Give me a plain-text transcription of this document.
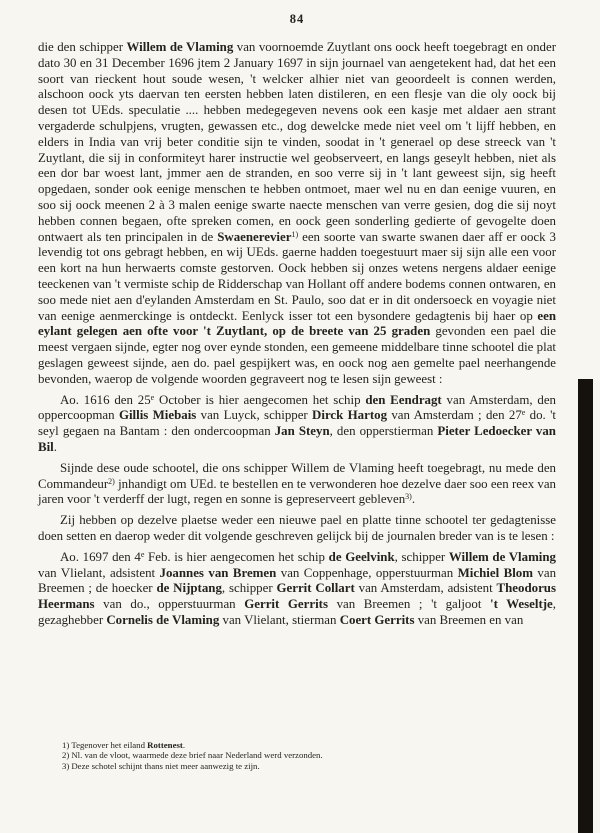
84

die den schipper Willem de Vlaming van voornoemde Zuytlant ons oock heeft toegebragt en onder dato 30 en 31 December 1696 jtem 2 January 1697 in sijn journael van aengetekent had, dat het een soort van rieckent hout soude wesen, 't welcker alhier niet van geoordeelt is connen werden, alschoon oock yts daervan ten eersten hebben laten distileren, en een flesje van die oly oock bij desen tot UEds. speculatie .... hebben medegegeven nevens ook een kasje met aldaer aen strant vergaderde schulpjens, vrugten, gewassen etc., dog dewelcke mede niet veel om 't lijff hebben, en elders in India van vrij beter conditie sijn te vinden, soodat in 't generael op dese streeck van 't Zuytlant, die sij in conformiteyt harer instructie wel geobserveert, en langs geseylt hebben, niet als een dor bar woest lant, jmmer aen de stranden, en soo verre sij in 't lant geweest sijn, sig heeft opgedaen, sonder ook eenige menschen te hebben ontmoet, maer wel nu en dan eenige vuuren, en soo sij oock meenen 2 à 3 malen eenige swarte naecte menschen van verre gesien, dog die sij noyt hebben connen begaen, ofte spreken comen, en oock geen sonderling gedierte of gevogelte doen ontwaert als ten principalen in de Swaenerevier$^{1)}$ een soorte van swarte swanen daer aff er oock 3 levendig tot ons gebragt hebben, en wij UEds. gaerne hadden toegestuurt maer sij sijn alle een voor een kort na hun herwaerts comste gestorven. Oock hebben sij onzes wetens nergens aldaer eenige teeckenen van 't vermiste schip de Ridderschap van Hollant off andere bodems connen ontwaren, en soo mede niet aen d'eylanden Amsterdam en St. Paulo, soo dat er in dit ondersoeck en voyagie niet van eenige aenmerckinge is ontdeckt. Eenlyck isser tot een bysondere gedagtenis bij haer op een eylant gelegen aen ofte voor 't Zuytlant, op de breete van 25 graden gevonden een pael die meest vergaen sijnde, egter nog over eynde stonden, een gemeene middelbare tinne schootel die plat geslagen geweest sijnde, aen do. pael gespijkert was, en oock nog aen gemelte pael neerhangende bevonden, waerop de volgende woorden gegraveert nog te lesen sijn geweest :

Ao. 1616 den 25e October is hier aengecomen het schip den Eendragt van Amsterdam, den oppercoopman Gillis Miebais van Luyck, schipper Dirck Hartog van Amsterdam ; den 27e do. 't seyl gegaen na Bantam : den ondercoopman Jan Steyn, den opperstierman Pieter Ledoecker van Bil.

Sijnde dese oude schootel, die ons schipper Willem de Vlaming heeft toegebragt, nu mede den Commandeur$^{2)}$ jnhandigt om UEd. te bestellen en te verwonderen hoe dezelve daer soo een reex van jaren voor 't verderff der lugt, regen en sonne is gepreserveert gebleven$^{3)}$.

Zij hebben op dezelve plaetse weder een nieuwe pael en platte tinne schootel ter gedagtenisse doen setten en daerop weder dit volgende geschreven gelijck bij de journalen breder van is te lesen :

Ao. 1697 den 4e Feb. is hier aengecomen het schip de Geelvink, schipper Willem de Vlaming van Vlielant, adsistent Joannes van Bremen van Coppenhage, opperstuurman Michiel Blom van Breemen ; de hoecker de Nijptang, schipper Gerrit Collart van Amsterdam, adsistent Theodorus Heermans van do., opperstuurman Gerrit Gerrits van Breemen ; 't galjoot 't Weseltje, gezaghebber Cornelis de Vlaming van Vlielant, stierman Coert Gerrits van Breemen en van

1) Tegenover het eiland Rottenest.
2) Nl. van de vloot, waarmede deze brief naar Nederland werd verzonden.
3) Deze schotel schijnt thans niet meer aanwezig te zijn.
